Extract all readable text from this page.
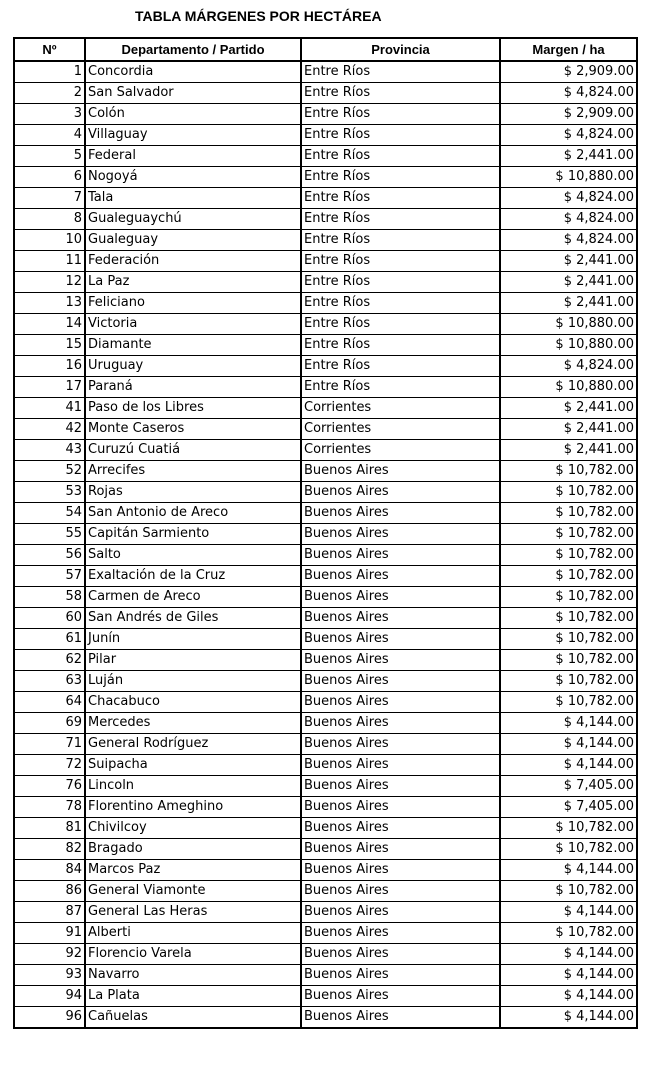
TABLA MÁRGENES POR HECTÁREA
Nº	Departamento / Partido	Provincia	Margen / ha
1	Concordia	Entre Ríos	$ 2,909.00
2	San Salvador	Entre Ríos	$ 4,824.00
3	Colón	Entre Ríos	$ 2,909.00
4	Villaguay	Entre Ríos	$ 4,824.00
5	Federal	Entre Ríos	$ 2,441.00
6	Nogoyá	Entre Ríos	$ 10,880.00
7	Tala	Entre Ríos	$ 4,824.00
8	Gualeguaychú	Entre Ríos	$ 4,824.00
10	Gualeguay	Entre Ríos	$ 4,824.00
11	Federación	Entre Ríos	$ 2,441.00
12	La Paz	Entre Ríos	$ 2,441.00
13	Feliciano	Entre Ríos	$ 2,441.00
14	Victoria	Entre Ríos	$ 10,880.00
15	Diamante	Entre Ríos	$ 10,880.00
16	Uruguay	Entre Ríos	$ 4,824.00
17	Paraná	Entre Ríos	$ 10,880.00
41	Paso de los Libres	Corrientes	$ 2,441.00
42	Monte Caseros	Corrientes	$ 2,441.00
43	Curuzú Cuatiá	Corrientes	$ 2,441.00
52	Arrecifes	Buenos Aires	$ 10,782.00
53	Rojas	Buenos Aires	$ 10,782.00
54	San Antonio de Areco	Buenos Aires	$ 10,782.00
55	Capitán Sarmiento	Buenos Aires	$ 10,782.00
56	Salto	Buenos Aires	$ 10,782.00
57	Exaltación de la Cruz	Buenos Aires	$ 10,782.00
58	Carmen de Areco	Buenos Aires	$ 10,782.00
60	San Andrés de Giles	Buenos Aires	$ 10,782.00
61	Junín	Buenos Aires	$ 10,782.00
62	Pilar	Buenos Aires	$ 10,782.00
63	Luján	Buenos Aires	$ 10,782.00
64	Chacabuco	Buenos Aires	$ 10,782.00
69	Mercedes	Buenos Aires	$ 4,144.00
71	General Rodríguez	Buenos Aires	$ 4,144.00
72	Suipacha	Buenos Aires	$ 4,144.00
76	Lincoln	Buenos Aires	$ 7,405.00
78	Florentino Ameghino	Buenos Aires	$ 7,405.00
81	Chivilcoy	Buenos Aires	$ 10,782.00
82	Bragado	Buenos Aires	$ 10,782.00
84	Marcos Paz	Buenos Aires	$ 4,144.00
86	General Viamonte	Buenos Aires	$ 10,782.00
87	General Las Heras	Buenos Aires	$ 4,144.00
91	Alberti	Buenos Aires	$ 10,782.00
92	Florencio Varela	Buenos Aires	$ 4,144.00
93	Navarro	Buenos Aires	$ 4,144.00
94	La Plata	Buenos Aires	$ 4,144.00
96	Cañuelas	Buenos Aires	$ 4,144.00
